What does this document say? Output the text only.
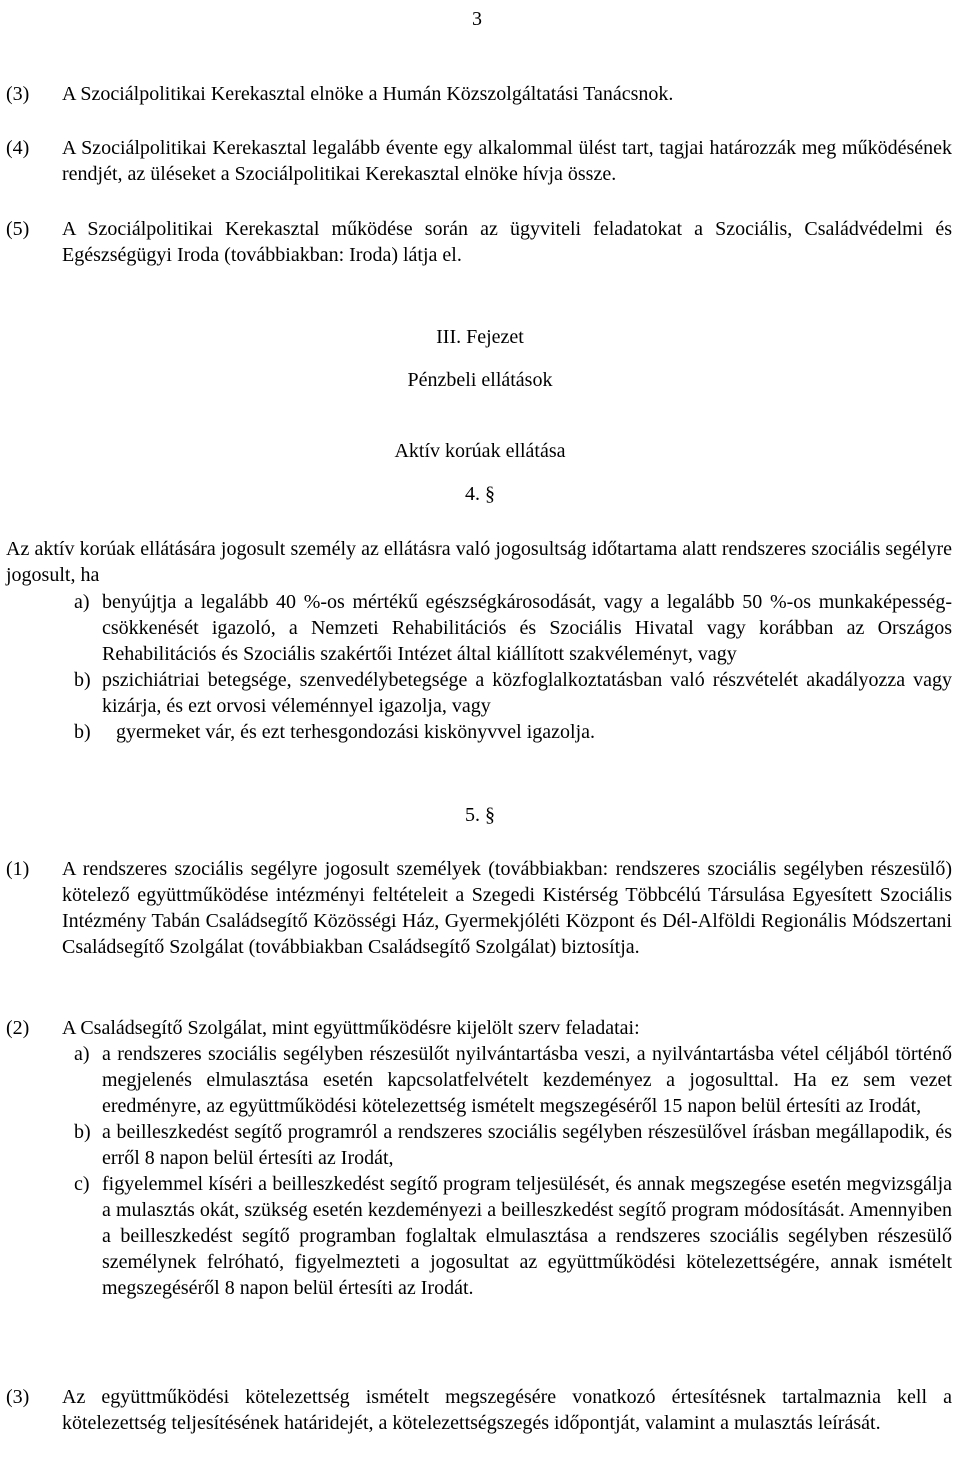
3
(3)	A Szociálpolitikai Kerekasztal elnöke a Humán Közszolgáltatási Tanácsnok.
(4)	A Szociálpolitikai Kerekasztal legalább évente egy alkalommal ülést tart, tagjai határozzák meg működésének rendjét, az üléseket a Szociálpolitikai Kerekasztal elnöke hívja össze.
(5)	A Szociálpolitikai Kerekasztal működése során az ügyviteli feladatokat a Szociális, Családvédelmi és Egészségügyi Iroda (továbbiakban: Iroda) látja el.
III. Fejezet
Pénzbeli ellátások
Aktív korúak ellátása
4. §
Az aktív korúak ellátására jogosult személy az ellátásra való jogosultság időtartama alatt rendszeres szociális segélyre jogosult, ha
a) benyújtja a legalább 40 %-os mértékű egészségkárosodását, vagy a legalább 50 %-os munkaképesség-csökkenését igazoló, a Nemzeti Rehabilitációs és Szociális Hivatal vagy korábban az Országos Rehabilitációs és Szociális szakértői Intézet által kiállított szakvéleményt, vagy
b) pszichiátriai betegsége, szenvedélybetegsége a közfoglalkoztatásban való részvételét akadályozza vagy kizárja, és ezt orvosi véleménnyel igazolja, vagy
b)	gyermeket vár, és ezt terhesgondozási kiskönyvvel igazolja.
5. §
(1)	A rendszeres szociális segélyre jogosult személyek (továbbiakban: rendszeres szociális segélyben részesülő) kötelező együttműködése intézményi feltételeit a Szegedi Kistérség Többcélú Társulása Egyesített Szociális Intézmény Tabán Családsegítő Közösségi Ház, Gyermekjóléti Központ és Dél-Alföldi Regionális Módszertani Családsegítő Szolgálat (továbbiakban Családsegítő Szolgálat) biztosítja.
(2)	A Családsegítő Szolgálat, mint együttműködésre kijelölt szerv feladatai:
a) a rendszeres szociális segélyben részesülőt nyilvántartásba veszi, a nyilvántartásba vétel céljából történő megjelenés elmulasztása esetén kapcsolatfelvételt kezdeményez a jogosulttal. Ha ez sem vezet eredményre, az együttműködési kötelezettség ismételt megszegéséről 15 napon belül értesíti az Irodát,
b) a beilleszkedést segítő programról a rendszeres szociális segélyben részesülővel írásban megállapodik, és erről 8 napon belül értesíti az Irodát,
c) figyelemmel kíséri a beilleszkedést segítő program teljesülését, és annak megszegése esetén megvizsgálja a mulasztás okát, szükség esetén kezdeményezi a beilleszkedést segítő program módosítását. Amennyiben a beilleszkedést segítő programban foglaltak elmulasztása a rendszeres szociális segélyben részesülő személynek felróható, figyelmezteti a jogosultat az együttműködési kötelezettségére, annak ismételt megszegéséről 8 napon belül értesíti az Irodát.
(3)	Az együttműködési kötelezettség ismételt megszegésére vonatkozó értesítésnek tartalmaznia kell a kötelezettség teljesítésének határidejét, a kötelezettségszegés időpontját, valamint a mulasztás leírását.
